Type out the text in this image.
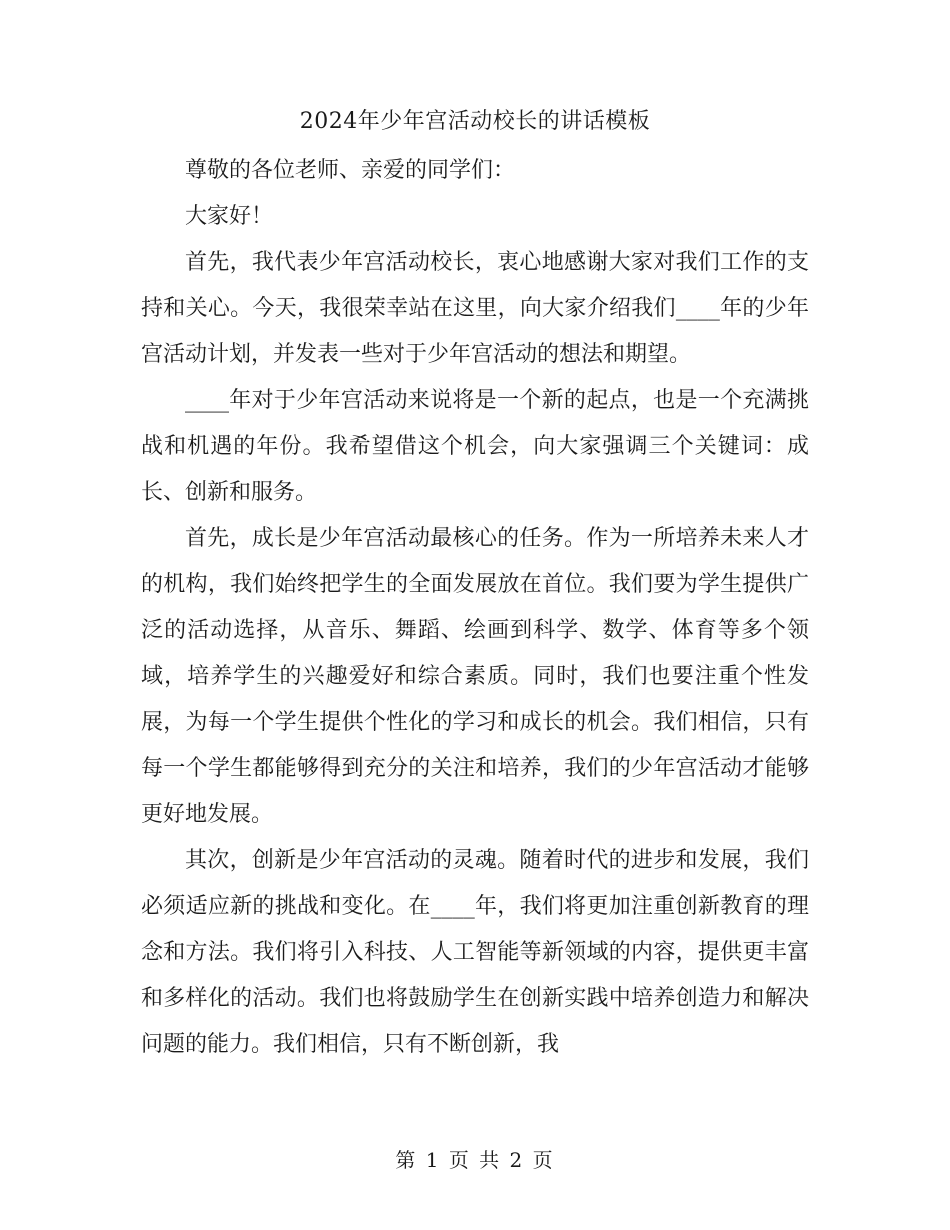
2024年少年宫活动校长的讲话模板

尊敬的各位老师、亲爱的同学们：

大家好！

首先，我代表少年宫活动校长，衷心地感谢大家对我们工作的支持和关心。今天，我很荣幸站在这里，向大家介绍我们____年的少年宫活动计划，并发表一些对于少年宫活动的想法和期望。

____年对于少年宫活动来说将是一个新的起点，也是一个充满挑战和机遇的年份。我希望借这个机会，向大家强调三个关键词：成长、创新和服务。

首先，成长是少年宫活动最核心的任务。作为一所培养未来人才的机构，我们始终把学生的全面发展放在首位。我们要为学生提供广泛的活动选择，从音乐、舞蹈、绘画到科学、数学、体育等多个领域，培养学生的兴趣爱好和综合素质。同时，我们也要注重个性发展，为每一个学生提供个性化的学习和成长的机会。我们相信，只有每一个学生都能够得到充分的关注和培养，我们的少年宫活动才能够更好地发展。

其次，创新是少年宫活动的灵魂。随着时代的进步和发展，我们必须适应新的挑战和变化。在____年，我们将更加注重创新教育的理念和方法。我们将引入科技、人工智能等新领域的内容，提供更丰富和多样化的活动。我们也将鼓励学生在创新实践中培养创造力和解决问题的能力。我们相信，只有不断创新，我

第 1 页 共 2 页
